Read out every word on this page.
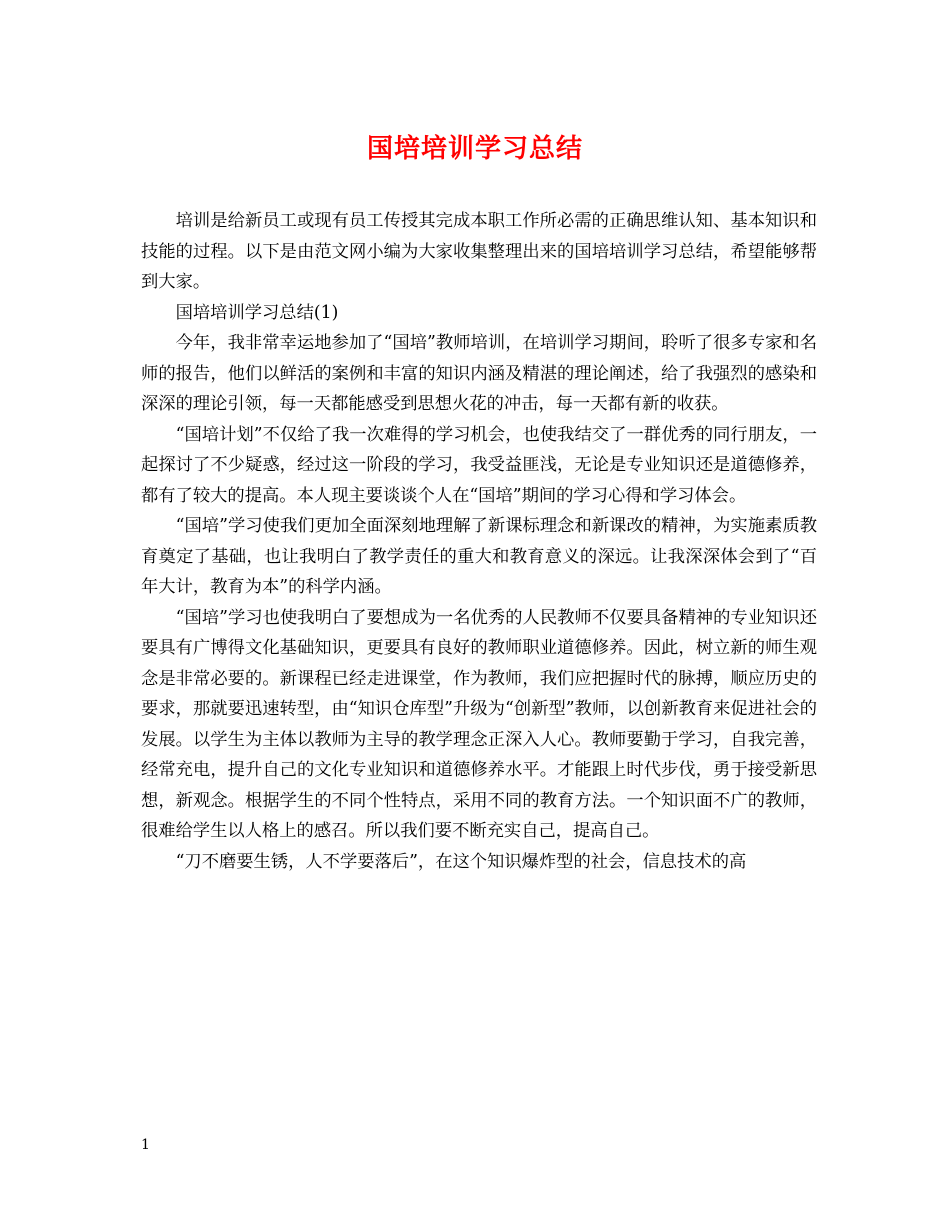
国培培训学习总结

培训是给新员工或现有员工传授其完成本职工作所必需的正确思维认知、基本知识和技能的过程。以下是由范文网小编为大家收集整理出来的国培培训学习总结，希望能够帮到大家。

国培培训学习总结(1)

今年，我非常幸运地参加了“国培”教师培训，在培训学习期间，聆听了很多专家和名师的报告，他们以鲜活的案例和丰富的知识内涵及精湛的理论阐述，给了我强烈的感染和深深的理论引领，每一天都能感受到思想火花的冲击，每一天都有新的收获。

“国培计划”不仅给了我一次难得的学习机会，也使我结交了一群优秀的同行朋友，一起探讨了不少疑惑，经过这一阶段的学习，我受益匪浅，无论是专业知识还是道德修养，都有了较大的提高。本人现主要谈谈个人在“国培”期间的学习心得和学习体会。

“国培”学习使我们更加全面深刻地理解了新课标理念和新课改的精神，为实施素质教育奠定了基础，也让我明白了教学责任的重大和教育意义的深远。让我深深体会到了“百年大计，教育为本”的科学内涵。

“国培”学习也使我明白了要想成为一名优秀的人民教师不仅要具备精神的专业知识还要具有广博得文化基础知识，更要具有良好的教师职业道德修养。因此，树立新的师生观念是非常必要的。新课程已经走进课堂，作为教师，我们应把握时代的脉搏，顺应历史的要求，那就要迅速转型，由“知识仓库型”升级为“创新型”教师，以创新教育来促进社会的发展。以学生为主体以教师为主导的教学理念正深入人心。教师要勤于学习，自我完善，经常充电，提升自己的文化专业知识和道德修养水平。才能跟上时代步伐，勇于接受新思想，新观念。根据学生的不同个性特点，采用不同的教育方法。一个知识面不广的教师，很难给学生以人格上的感召。所以我们要不断充实自己，提高自己。

“刀不磨要生锈，人不学要落后”，在这个知识爆炸型的社会，信息技术的高

1
